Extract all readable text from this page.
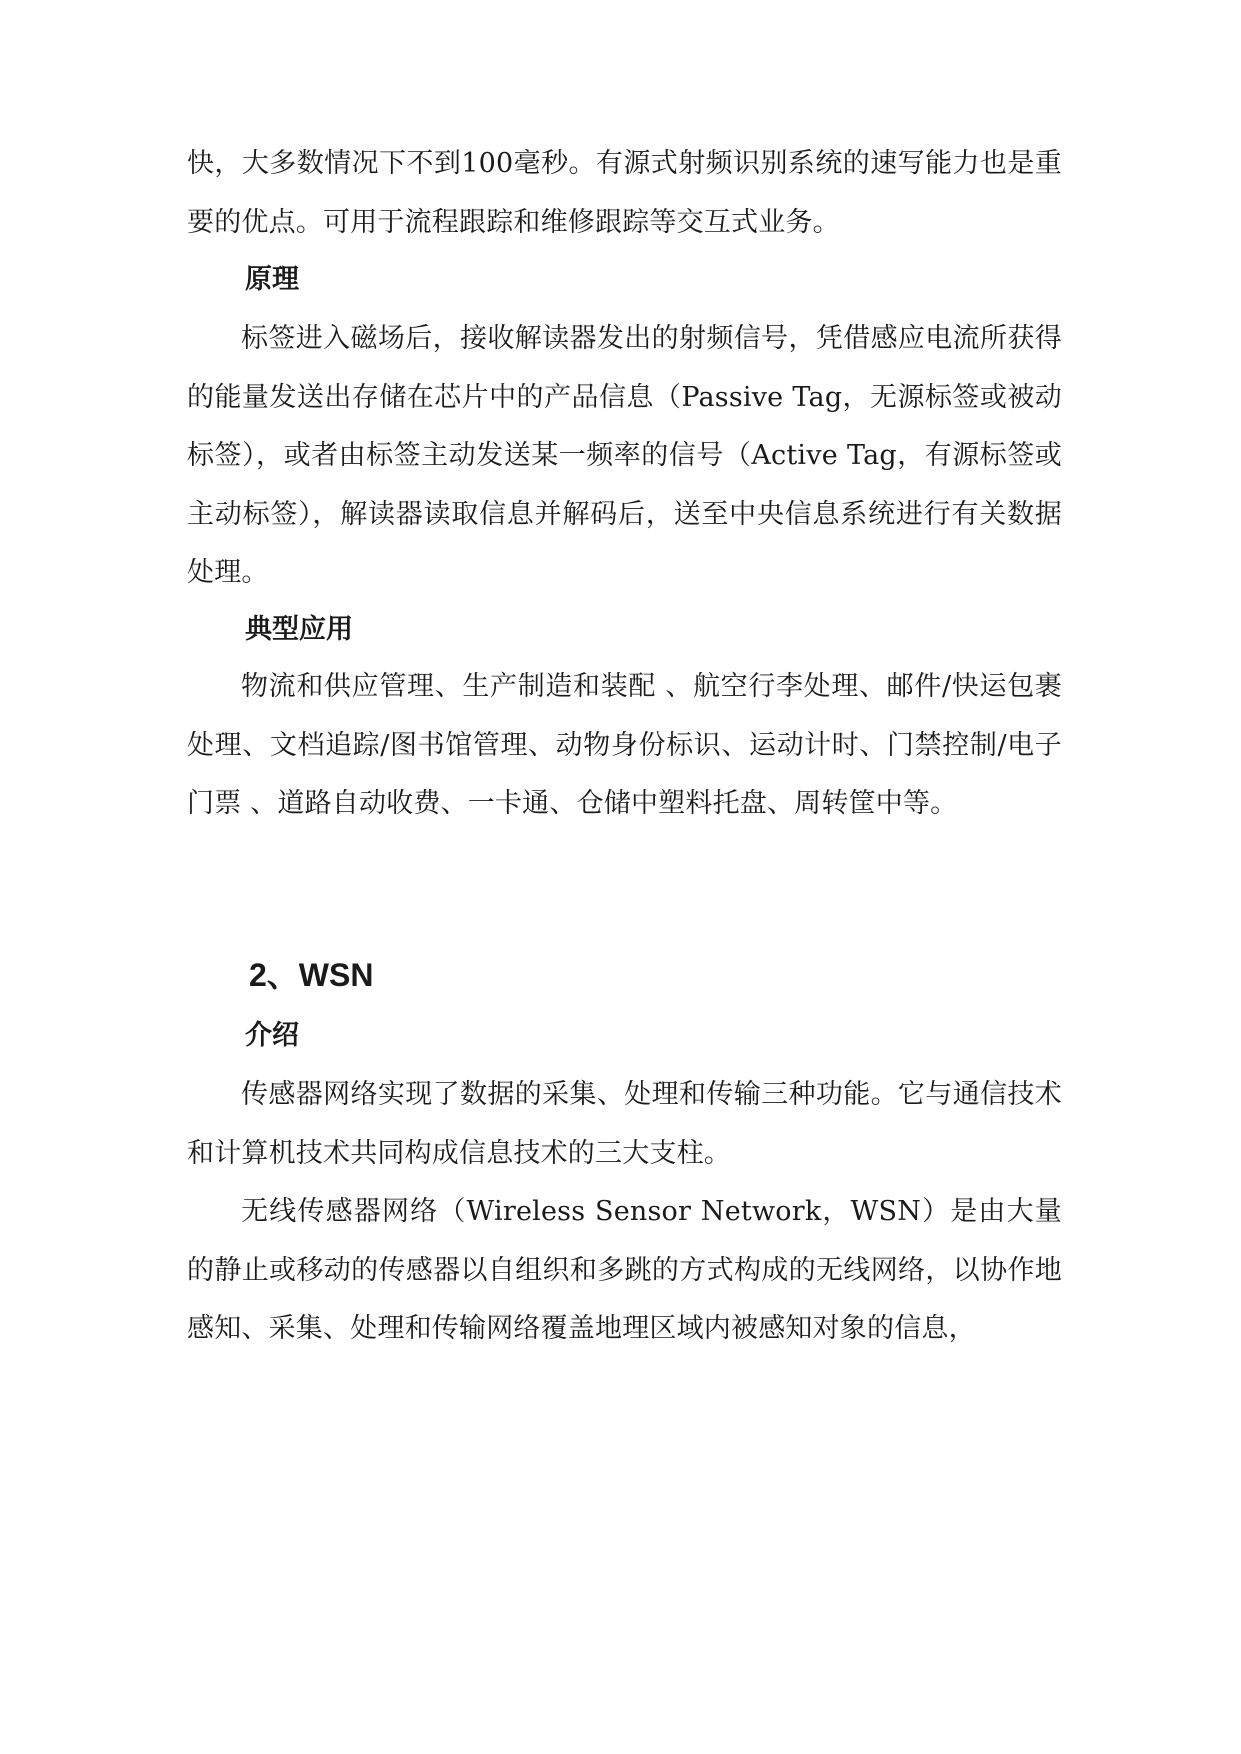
快，大多数情况下不到100毫秒。有源式射频识别系统的速写能力也是重要的优点。可用于流程跟踪和维修跟踪等交互式业务。

原理

标签进入磁场后，接收解读器发出的射频信号，凭借感应电流所获得的能量发送出存储在芯片中的产品信息（Passive Tag，无源标签或被动标签），或者由标签主动发送某一频率的信号（Active Tag，有源标签或主动标签），解读器读取信息并解码后，送至中央信息系统进行有关数据处理。

典型应用

物流和供应管理、生产制造和装配 、航空行李处理、邮件/快运包裹处理、文档追踪/图书馆管理、动物身份标识、运动计时、门禁控制/电子门票 、道路自动收费、一卡通、仓储中塑料托盘、周转筐中等。

2、WSN
介绍

传感器网络实现了数据的采集、处理和传输三种功能。它与通信技术和计算机技术共同构成信息技术的三大支柱。

无线传感器网络（Wireless Sensor Network，WSN）是由大量的静止或移动的传感器以自组织和多跳的方式构成的无线网络，以协作地感知、采集、处理和传输网络覆盖地理区域内被感知对象的信息，
